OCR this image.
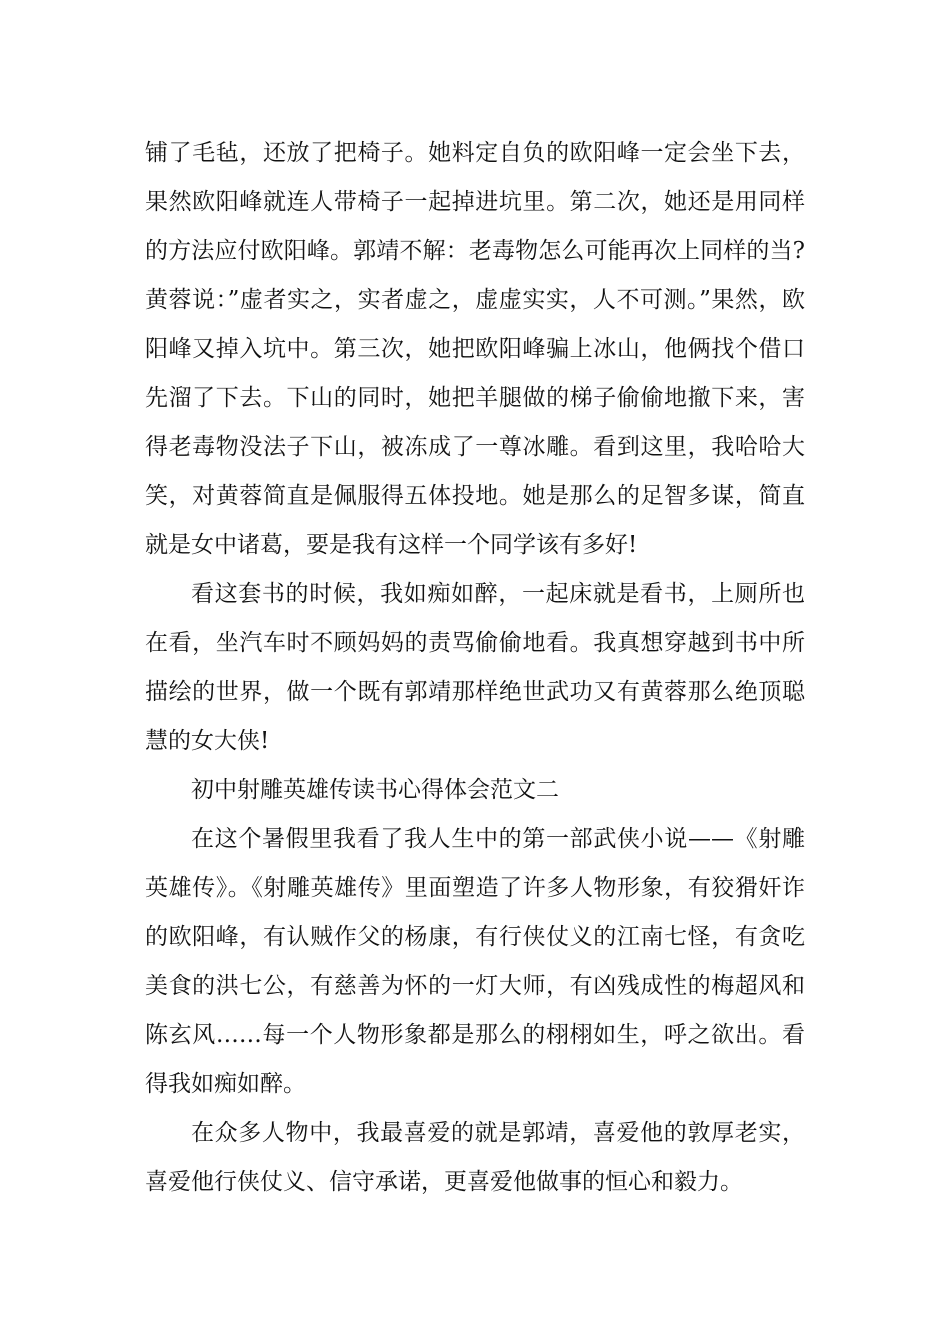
铺了毛毡，还放了把椅子。她料定自负的欧阳峰一定会坐下去，果然欧阳峰就连人带椅子一起掉进坑里。第二次，她还是用同样的方法应付欧阳峰。郭靖不解：老毒物怎么可能再次上同样的当?黄蓉说：”虚者实之，实者虚之，虚虚实实，人不可测。”果然，欧阳峰又掉入坑中。第三次，她把欧阳峰骗上冰山，他俩找个借口先溜了下去。下山的同时，她把羊腿做的梯子偷偷地撤下来，害得老毒物没法子下山，被冻成了一尊冰雕。看到这里，我哈哈大笑，对黄蓉简直是佩服得五体投地。她是那么的足智多谋，简直就是女中诸葛，要是我有这样一个同学该有多好!

看这套书的时候，我如痴如醉，一起床就是看书，上厕所也在看，坐汽车时不顾妈妈的责骂偷偷地看。我真想穿越到书中所描绘的世界，做一个既有郭靖那样绝世武功又有黄蓉那么绝顶聪慧的女大侠!

初中射雕英雄传读书心得体会范文二

在这个暑假里我看了我人生中的第一部武侠小说——《射雕英雄传》。《射雕英雄传》里面塑造了许多人物形象，有狡猾奸诈的欧阳峰，有认贼作父的杨康，有行侠仗义的江南七怪，有贪吃美食的洪七公，有慈善为怀的一灯大师，有凶残成性的梅超风和陈玄风……每一个人物形象都是那么的栩栩如生，呼之欲出。看得我如痴如醉。

在众多人物中，我最喜爱的就是郭靖，喜爱他的敦厚老实，喜爱他行侠仗义、信守承诺，更喜爱他做事的恒心和毅力。
